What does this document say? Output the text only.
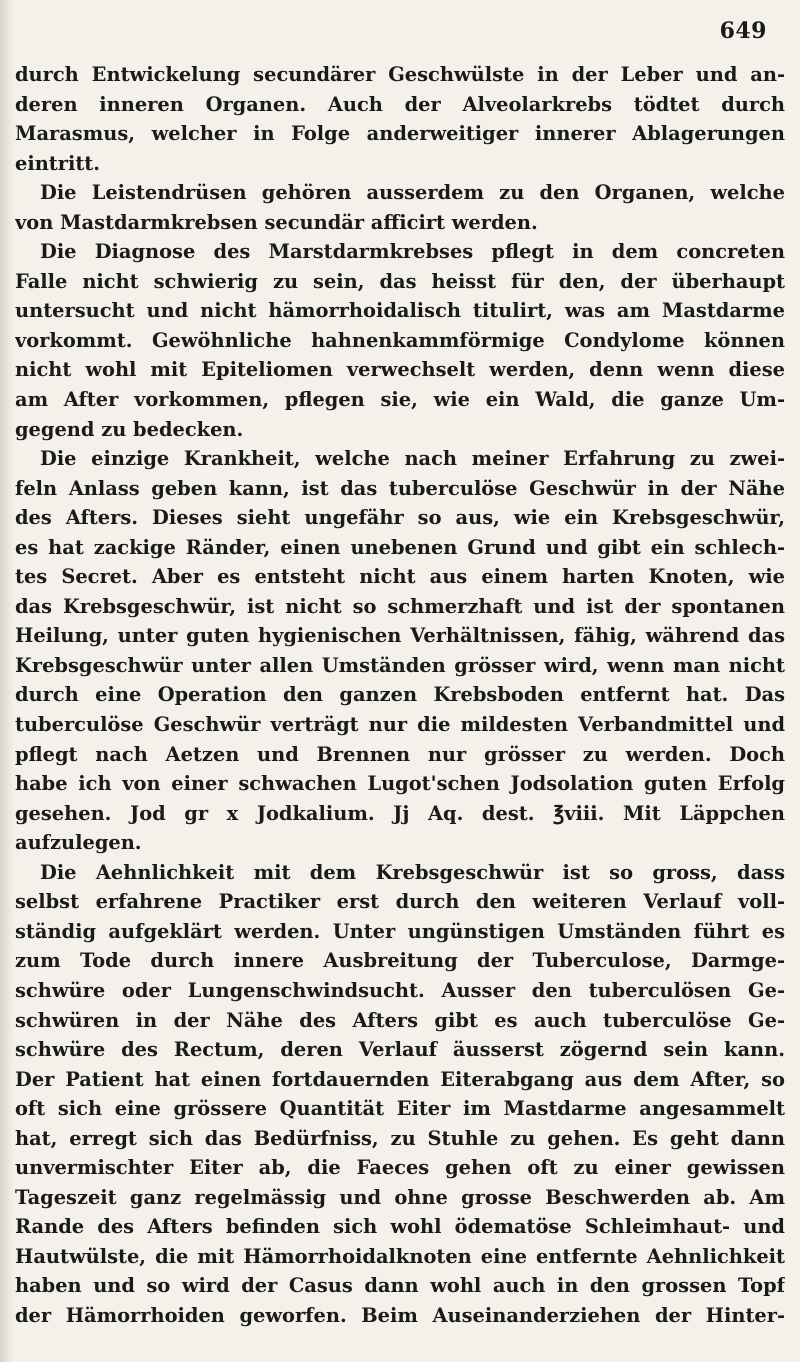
649
durch Entwickelung secundärer Geschwülste in der Leber und an-
deren inneren Organen. Auch der Alveolarkrebs tödtet durch
Marasmus, welcher in Folge anderweitiger innerer Ablagerungen
eintritt.
Die Leistendrüsen gehören ausserdem zu den Organen, welche
von Mastdarmkrebsen secundär afficirt werden.
Die Diagnose des Marstdarmkrebses pflegt in dem concreten
Falle nicht schwierig zu sein, das heisst für den, der überhaupt
untersucht und nicht hämorrhoidalisch titulirt, was am Mastdarme
vorkommt. Gewöhnliche hahnenkammförmige Condylome können
nicht wohl mit Epiteliomen verwechselt werden, denn wenn diese
am After vorkommen, pflegen sie, wie ein Wald, die ganze Um-
gegend zu bedecken.
Die einzige Krankheit, welche nach meiner Erfahrung zu zwei-
feln Anlass geben kann, ist das tuberculöse Geschwür in der Nähe
des Afters. Dieses sieht ungefähr so aus, wie ein Krebsgeschwür,
es hat zackige Ränder, einen unebenen Grund und gibt ein schlech-
tes Secret. Aber es entsteht nicht aus einem harten Knoten, wie
das Krebsgeschwür, ist nicht so schmerzhaft und ist der spontanen
Heilung, unter guten hygienischen Verhältnissen, fähig, während das
Krebsgeschwür unter allen Umständen grösser wird, wenn man nicht
durch eine Operation den ganzen Krebsboden entfernt hat. Das
tuberculöse Geschwür verträgt nur die mildesten Verbandmittel und
pflegt nach Aetzen und Brennen nur grösser zu werden. Doch
habe ich von einer schwachen Lugot'schen Jodsolation guten Erfolg
gesehen. Jod gr x Jodkalium. Jj Aq. dest. ℥viii. Mit Läppchen
aufzulegen.
Die Aehnlichkeit mit dem Krebsgeschwür ist so gross, dass
selbst erfahrene Practiker erst durch den weiteren Verlauf voll-
ständig aufgeklärt werden. Unter ungünstigen Umständen führt es
zum Tode durch innere Ausbreitung der Tuberculose, Darmge-
schwüre oder Lungenschwindsucht. Ausser den tuberculösen Ge-
schwüren in der Nähe des Afters gibt es auch tuberculöse Ge-
schwüre des Rectum, deren Verlauf äusserst zögernd sein kann.
Der Patient hat einen fortdauernden Eiterabgang aus dem After, so
oft sich eine grössere Quantität Eiter im Mastdarme angesammelt
hat, erregt sich das Bedürfniss, zu Stuhle zu gehen. Es geht dann
unvermischter Eiter ab, die Faeces gehen oft zu einer gewissen
Tageszeit ganz regelmässig und ohne grosse Beschwerden ab. Am
Rande des Afters befinden sich wohl ödematöse Schleimhaut- und
Hautwülste, die mit Hämorrhoidalknoten eine entfernte Aehnlichkeit
haben und so wird der Casus dann wohl auch in den grossen Topf
der Hämorrhoiden geworfen. Beim Auseinanderziehen der Hinter-
